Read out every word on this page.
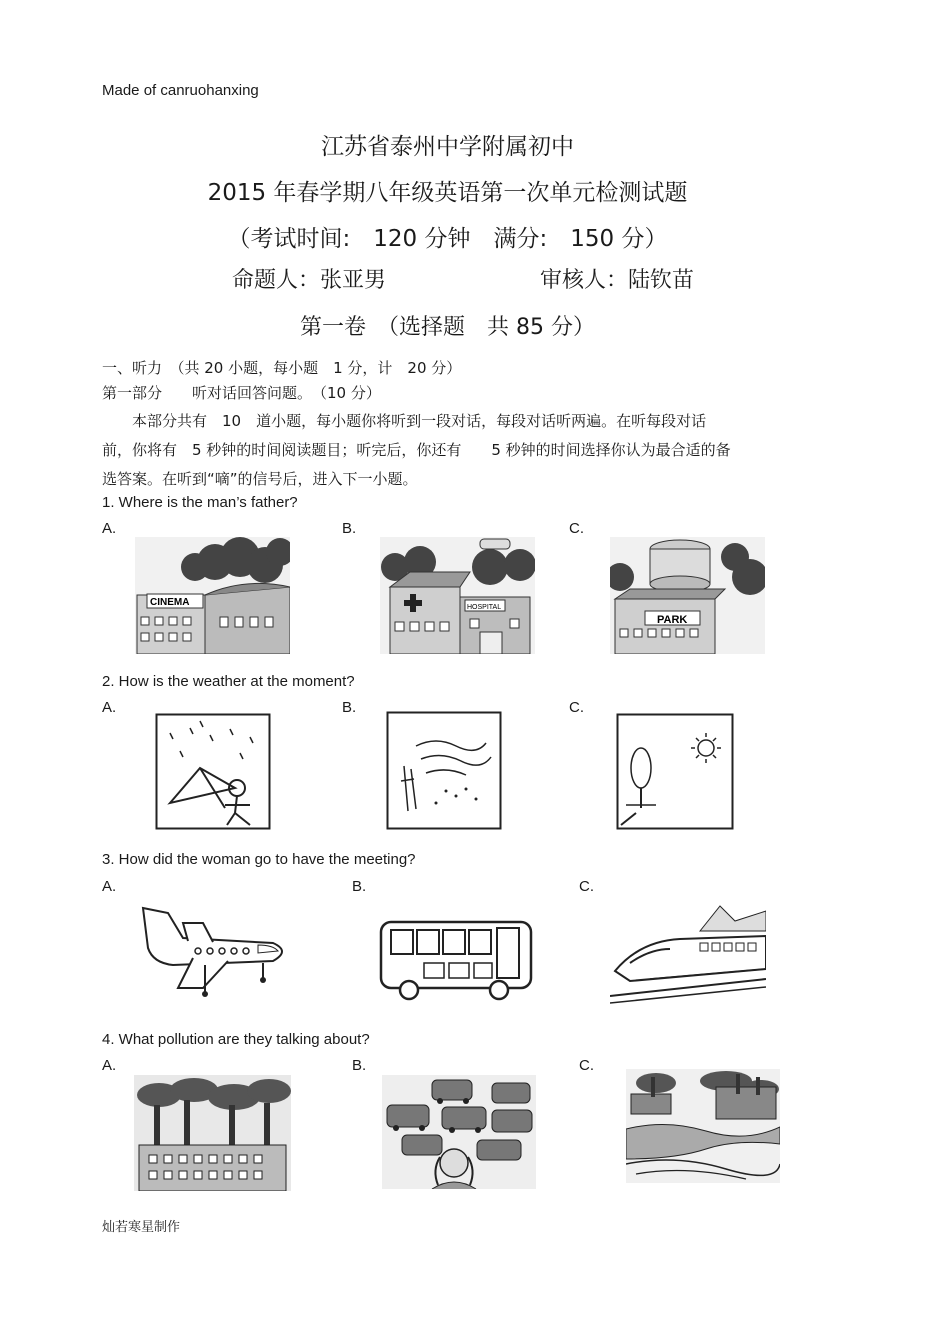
Made of canruohanxing
江苏省泰州中学附属初中
2015 年春学期八年级英语第一次单元检测试题
（考试时间:　120 分钟　满分:　150 分）
命题人：张亚男	审核人：陆钦苗
第一卷　（选择题　共 85 分）
一、听力　（共 20 小题，每小题　1 分，计　20 分）
第一部分　　听对话回答问题。　（10 分）
　　本部分共有　10　道小题，每小题你将听到一段对话，每段对话听两遍。在听每段对话
前，你将有　5 秒钟的时间阅读题目；听完后，你还有　　5 秒钟的时间选择你认为最合适的备
选答案。在听到“嘀”的信号后，进入下一小题。
1. Where is the man’s father?
A.	B.	C.
CINEMA	HOSPITAL
PARK
2. How is the weather at the moment?
A.	B.	C.
3. How did the woman go to have the meeting?
A.	B.	C.
4. What pollution are they talking about?
A.	B.	C.
灿若寒星制作
